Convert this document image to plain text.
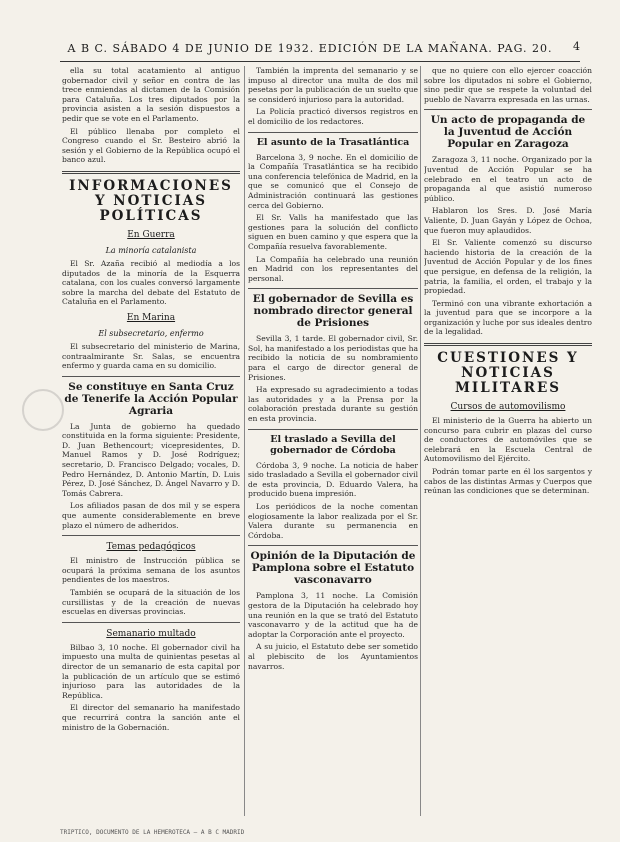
A B C. SÁBADO 4 DE JUNIO DE 1932. EDICIÓN DE LA MAÑANA. PAG. 20.	4

ella su total acatamiento al antiguo gobernador civil y señor en contra de las trece enmiendas al dictamen de la Comisión para Cataluña. Los tres diputados por la provincia asisten a la sesión dispuestos a pedir que se vote en el Parlamento.

El público llenaba por completo el Congreso cuando el Sr. Besteiro abrió la sesión y el Gobierno de la República ocupó el banco azul.

INFORMACIONES Y NOTICIAS POLÍTICAS
En Guerra
La minoría catalanista

El Sr. Azaña recibió al mediodía a los diputados de la minoría de la Esquerra catalana, con los cuales conversó largamente sobre la marcha del debate del Estatuto de Cataluña en el Parlamento.

En Marina
El subsecretario, enfermo

El subsecretario del ministerio de Marina, contraalmirante Sr. Salas, se encuentra enfermo y guarda cama en su domicilio.

Se constituye en Santa Cruz de Tenerife la Acción Popular Agraria

La Junta de gobierno ha quedado constituida en la forma siguiente: Presidente, D. Juan Bethencourt; vicepresidentes, D. Manuel Ramos y D. José Rodríguez; secretario, D. Francisco Delgado; vocales, D. Pedro Hernández, D. Antonio Martín, D. Luis Pérez, D. José Sánchez, D. Ángel Navarro y D. Tomás Cabrera.

Los afiliados pasan de dos mil y se espera que aumente considerablemente en breve plazo el número de adheridos.

Temas pedagógicos

El ministro de Instrucción pública se ocupará la próxima semana de los asuntos pendientes de los maestros.

También se ocupará de la situación de los cursillistas y de la creación de nuevas escuelas en diversas provincias.

Semanario multado

Bilbao 3, 10 noche. El gobernador civil ha impuesto una multa de quinientas pesetas al director de un semanario de esta capital por la publicación de un artículo que se estimó injurioso para las autoridades de la República.

El director del semanario ha manifestado que recurrirá contra la sanción ante el ministro de la Gobernación.

También la imprenta del semanario y se impuso al director una multa de dos mil pesetas por la publicación de un suelto que se consideró injurioso para la autoridad.

La Policía practicó diversos registros en el domicilio de los redactores.

El asunto de la Trasatlántica

Barcelona 3, 9 noche. En el domicilio de la Compañía Trasatlántica se ha recibido una conferencia telefónica de Madrid, en la que se comunicó que el Consejo de Administración continuará las gestiones cerca del Gobierno.

El Sr. Valls ha manifestado que las gestiones para la solución del conflicto siguen en buen camino y que espera que la Compañía resuelva favorablemente.

La Compañía ha celebrado una reunión en Madrid con los representantes del personal.

El gobernador de Sevilla es nombrado director general de Prisiones

Sevilla 3, 1 tarde. El gobernador civil, Sr. Sol, ha manifestado a los periodistas que ha recibido la noticia de su nombramiento para el cargo de director general de Prisiones.

Ha expresado su agradecimiento a todas las autoridades y a la Prensa por la colaboración prestada durante su gestión en esta provincia.

El traslado a Sevilla del gobernador de Córdoba

Córdoba 3, 9 noche. La noticia de haber sido trasladado a Sevilla el gobernador civil de esta provincia, D. Eduardo Valera, ha producido buena impresión.

Los periódicos de la noche comentan elogiosamente la labor realizada por el Sr. Valera durante su permanencia en Córdoba.

Opinión de la Diputación de Pamplona sobre el Estatuto vasconavarro

Pamplona 3, 11 noche. La Comisión gestora de la Diputación ha celebrado hoy una reunión en la que se trató del Estatuto vasconavarro y de la actitud que ha de adoptar la Corporación ante el proyecto.

A su juicio, el Estatuto debe ser sometido al plebiscito de los Ayuntamientos navarros.

que no quiere con ello ejercer coacción sobre los diputados ni sobre el Gobierno, sino pedir que se respete la voluntad del pueblo de Navarra expresada en las urnas.

Un acto de propaganda de la Juventud de Acción Popular en Zaragoza

Zaragoza 3, 11 noche. Organizado por la Juventud de Acción Popular se ha celebrado en el teatro un acto de propaganda al que asistió numeroso público.

Hablaron los Sres. D. José María Valiente, D. Juan Gayán y López de Ochoa, que fueron muy aplaudidos.

El Sr. Valiente comenzó su discurso haciendo historia de la creación de la Juventud de Acción Popular y de los fines que persigue, en defensa de la religión, la patria, la familia, el orden, el trabajo y la propiedad.

Terminó con una vibrante exhortación a la juventud para que se incorpore a la organización y luche por sus ideales dentro de la legalidad.

CUESTIONES Y NOTICIAS MILITARES
Cursos de automovilismo

El ministerio de la Guerra ha abierto un concurso para cubrir en plazas del curso de conductores de automóviles que se celebrará en la Escuela Central de Automovilismo del Ejército.

Podrán tomar parte en él los sargentos y cabos de las distintas Armas y Cuerpos que reúnan las condiciones que se determinan.

TRÍPTICO, DOCUMENTO DE LA HEMEROTECA — A B C MADRID
